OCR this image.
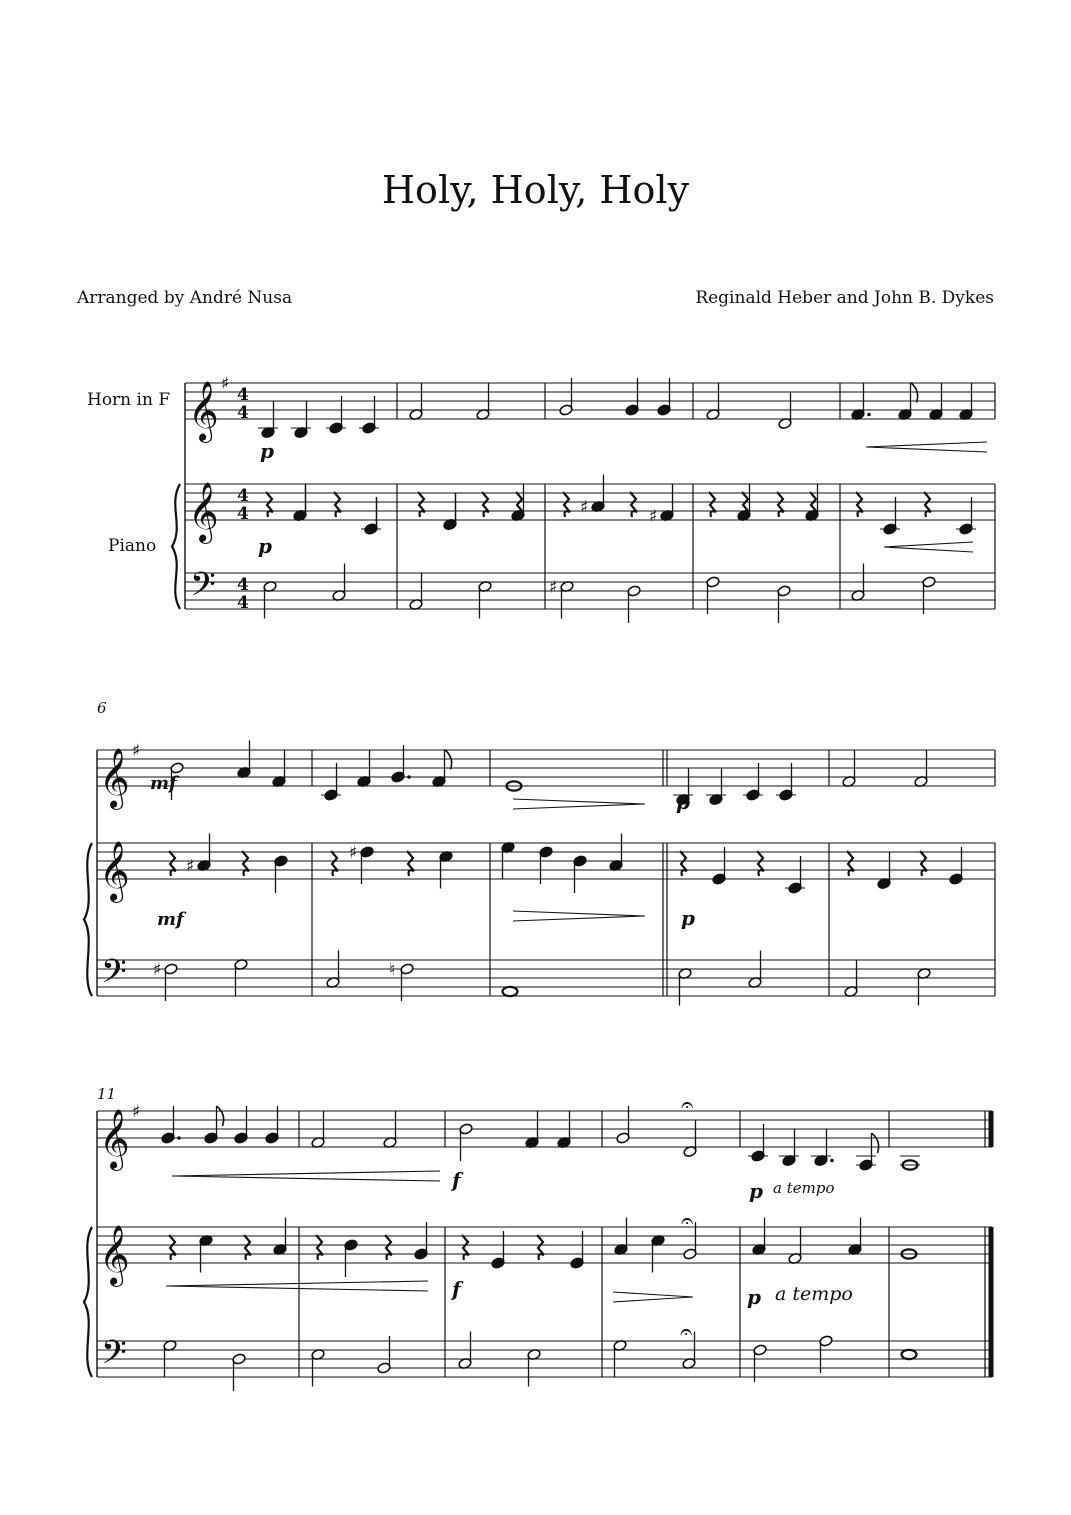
Holy, Holy, Holy
Arranged by André Nusa	Reginald Heber and John B. Dykes
Horn in F
Piano
𝄞
𝄞
𝄢
♯
4
4
4
4
4
4
p
♯	♯
p
♯
6
𝄞
𝄞
𝄢
♯
mf
p
♯
♯
mf	p
♯	♮
11
𝄞
𝄞
𝄢
♯
f
𝄐
p a tempo
f
𝄐
p a tempo
𝄐
